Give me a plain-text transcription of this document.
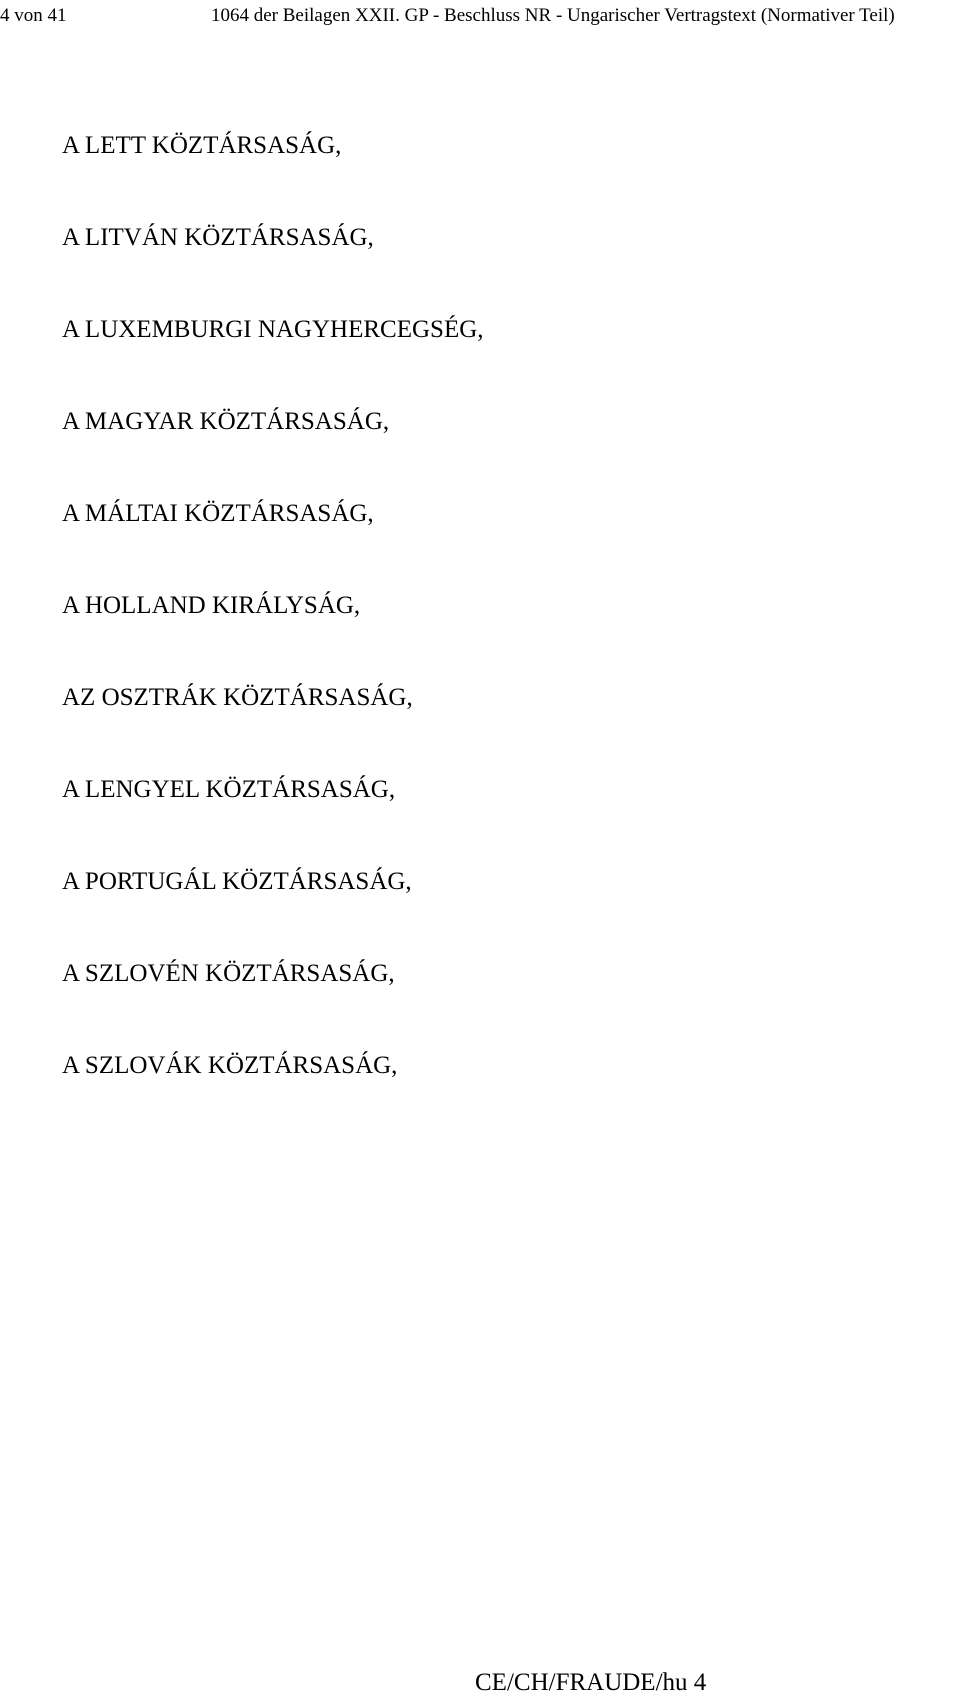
4 von 41	1064 der Beilagen XXII. GP - Beschluss NR - Ungarischer Vertragstext (Normativer Teil)
A LETT KÖZTÁRSASÁG,
A LITVÁN KÖZTÁRSASÁG,
A LUXEMBURGI NAGYHERCEGSÉG,
A MAGYAR KÖZTÁRSASÁG,
A MÁLTAI KÖZTÁRSASÁG,
A HOLLAND KIRÁLYSÁG,
AZ OSZTRÁK KÖZTÁRSASÁG,
A LENGYEL KÖZTÁRSASÁG,
A PORTUGÁL KÖZTÁRSASÁG,
A SZLOVÉN KÖZTÁRSASÁG,
A SZLOVÁK KÖZTÁRSASÁG,
CE/CH/FRAUDE/hu 4
